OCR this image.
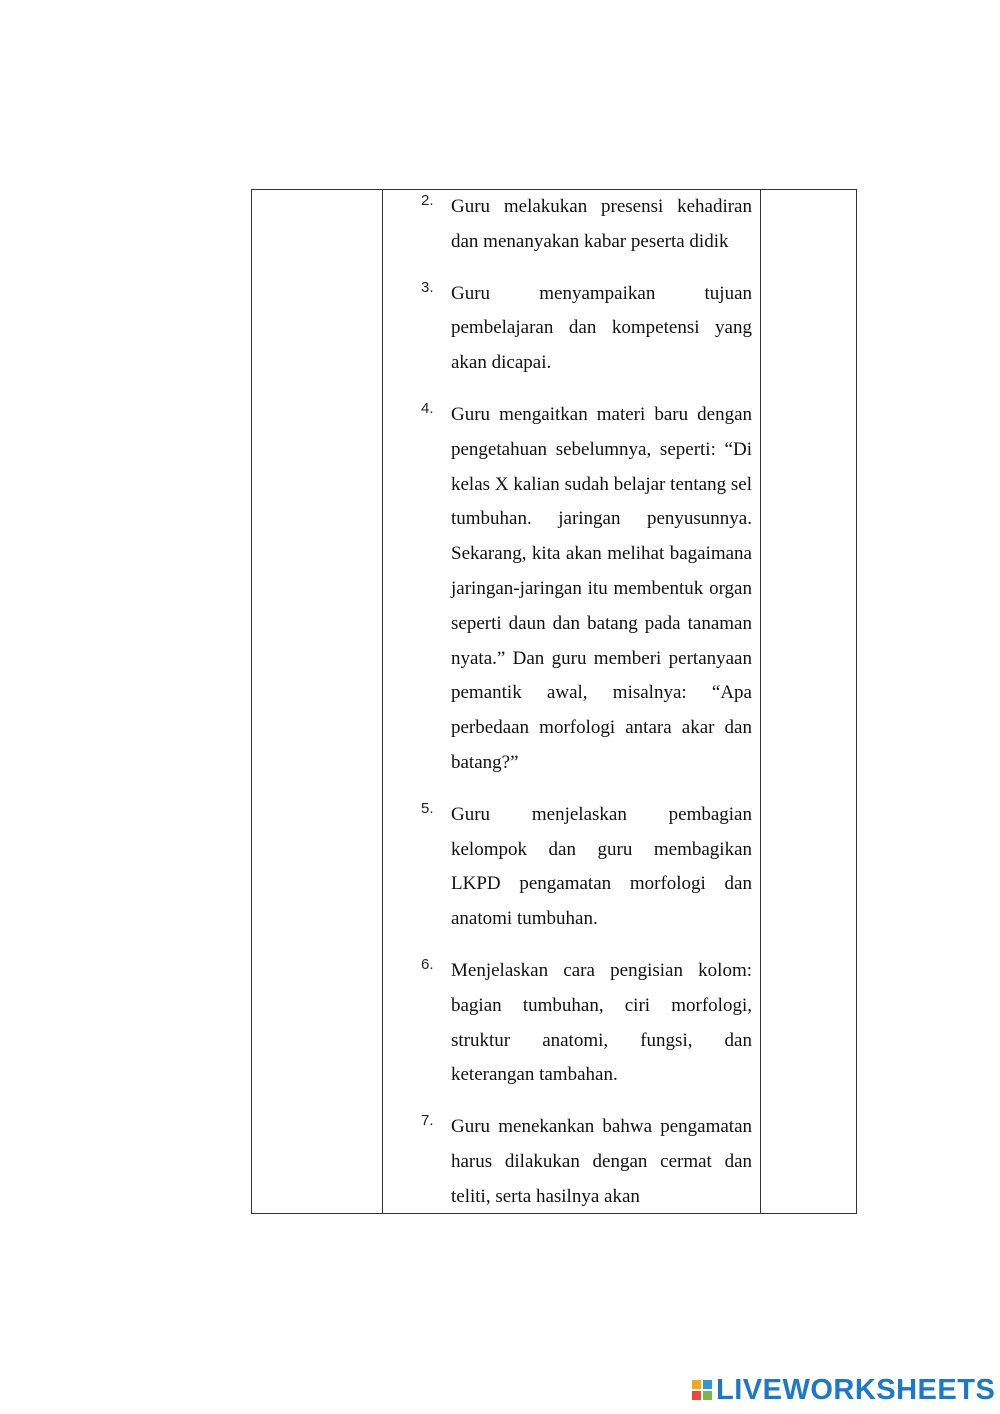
2. Guru melakukan presensi kehadiran dan menanyakan kabar peserta didik
3. Guru menyampaikan tujuan pembelajaran dan kompetensi yang akan dicapai.
4. Guru mengaitkan materi baru dengan pengetahuan sebelumnya, seperti: “Di kelas X kalian sudah belajar tentang sel tumbuhan. jaringan penyusunnya. Sekarang, kita akan melihat bagaimana jaringan-jaringan itu membentuk organ seperti daun dan batang pada tanaman nyata.” Dan guru memberi pertanyaan pemantik awal, misalnya: “Apa perbedaan morfologi antara akar dan batang?”
5. Guru menjelaskan pembagian kelompok dan guru membagikan LKPD pengamatan morfologi dan anatomi tumbuhan.
6. Menjelaskan cara pengisian kolom: bagian tumbuhan, ciri morfologi, struktur anatomi, fungsi, dan keterangan tambahan.
7. Guru menekankan bahwa pengamatan harus dilakukan dengan cermat dan teliti, serta hasilnya akan
LIVEWORKSHEETS
